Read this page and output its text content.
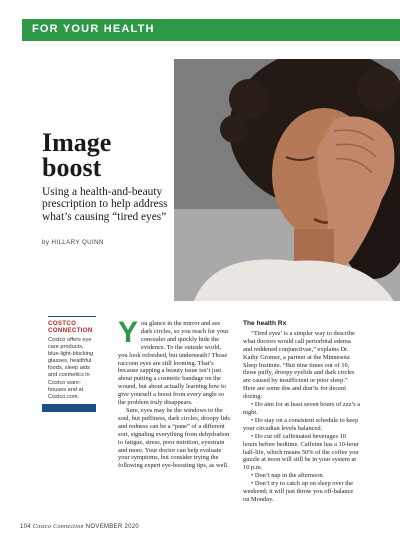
FOR YOUR HEALTH
Image
boost
Using a health-and-beauty prescription to help address what’s causing “tired eyes”
by HILLARY QUINN
COSTCO
CONNECTION
Costco offers eye care products, blue-light-blocking glasses, healthful foods, sleep aids and cosmetics in Costco warehouses and at Costco.com.
Y ou glance in the mirror and see dark circles, so you reach for your concealer and quickly hide the evidence. To the outside world, you look refreshed, but underneath? Those raccoon eyes are still looming. That’s because zapping a beauty issue isn’t just about putting a cosmetic bandage on the wound, but about actually learning how to give yourself a boost from every angle so the problem truly disappears.

Sure, eyes may be the windows to the soul, but puffiness, dark circles, droopy lids and redness can be a “pane” of a different sort, signaling everything from dehydration to fatigue, stress, poor nutrition, eyestrain and more. Your doctor can help evaluate your symptoms, but consider trying the following expert eye-boosting tips, as well.

The health Rx

“Tired eyes’ is a simpler way to describe what doctors would call periorbital edema and reddened conjunctivae,” explains Dr. Kathy Gromer, a partner at the Minnesota Sleep Institute. “But nine times out of 10, those puffy, droopy eyelids and dark circles are caused by insufficient or poor sleep.” Here are some dos and don’ts for decent dozing:

• Do aim for at least seven hours of zzz’s a night.

• Do stay on a consistent schedule to keep your circadian levels balanced.

• Do cut off caffeinated beverages 10 hours before bedtime. Caffeine has a 10-hour half-life, which means 50% of the coffee you guzzle at noon will still be in your system at 10 p.m.

• Don’t nap in the afternoon.

• Don’t try to catch up on sleep over the weekend; it will just throw you off-balance on Monday.

104 Costco Connection NOVEMBER 2020
